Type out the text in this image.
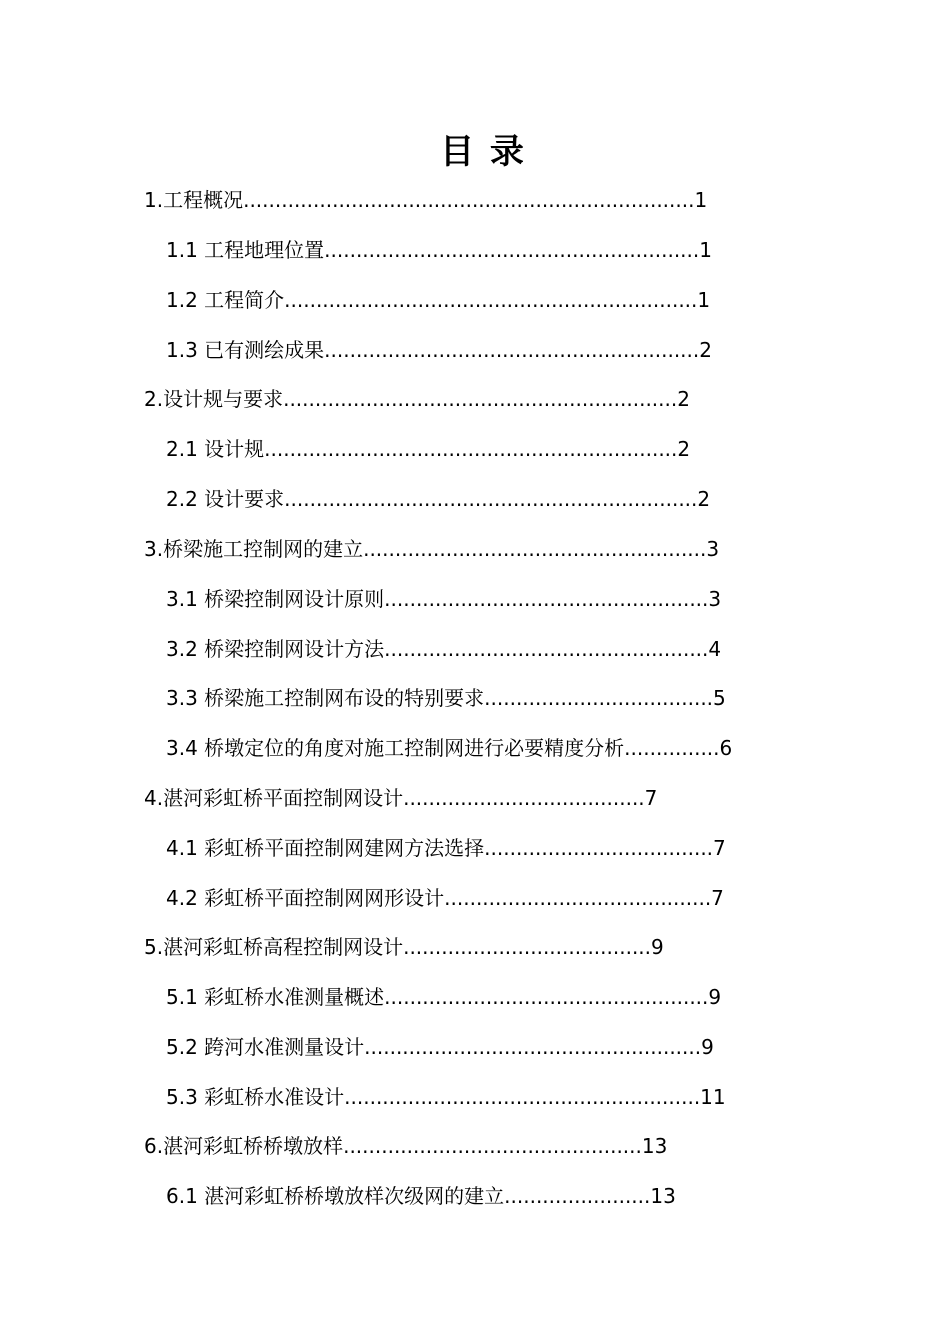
目 录
1.工程概况.......................................................................1
1.1 工程地理位置...........................................................1
1.2 工程简介.................................................................1
1.3 已有测绘成果...........................................................2
2.设计规与要求..............................................................2
2.1 设计规.................................................................2
2.2 设计要求.................................................................2
3.桥梁施工控制网的建立......................................................3
3.1 桥梁控制网设计原则...................................................3
3.2 桥梁控制网设计方法...................................................4
3.3 桥梁施工控制网布设的特别要求....................................5
3.4 桥墩定位的角度对施工控制网进行必要精度分析...............6
4.湛河彩虹桥平面控制网设计......................................7
4.1 彩虹桥平面控制网建网方法选择....................................7
4.2 彩虹桥平面控制网网形设计..........................................7
5.湛河彩虹桥高程控制网设计.......................................9
5.1 彩虹桥水准测量概述...................................................9
5.2 跨河水准测量设计.....................................................9
5.3 彩虹桥水准设计........................................................11
6.湛河彩虹桥桥墩放样...............................................13
6.1 湛河彩虹桥桥墩放样次级网的建立.......................13
